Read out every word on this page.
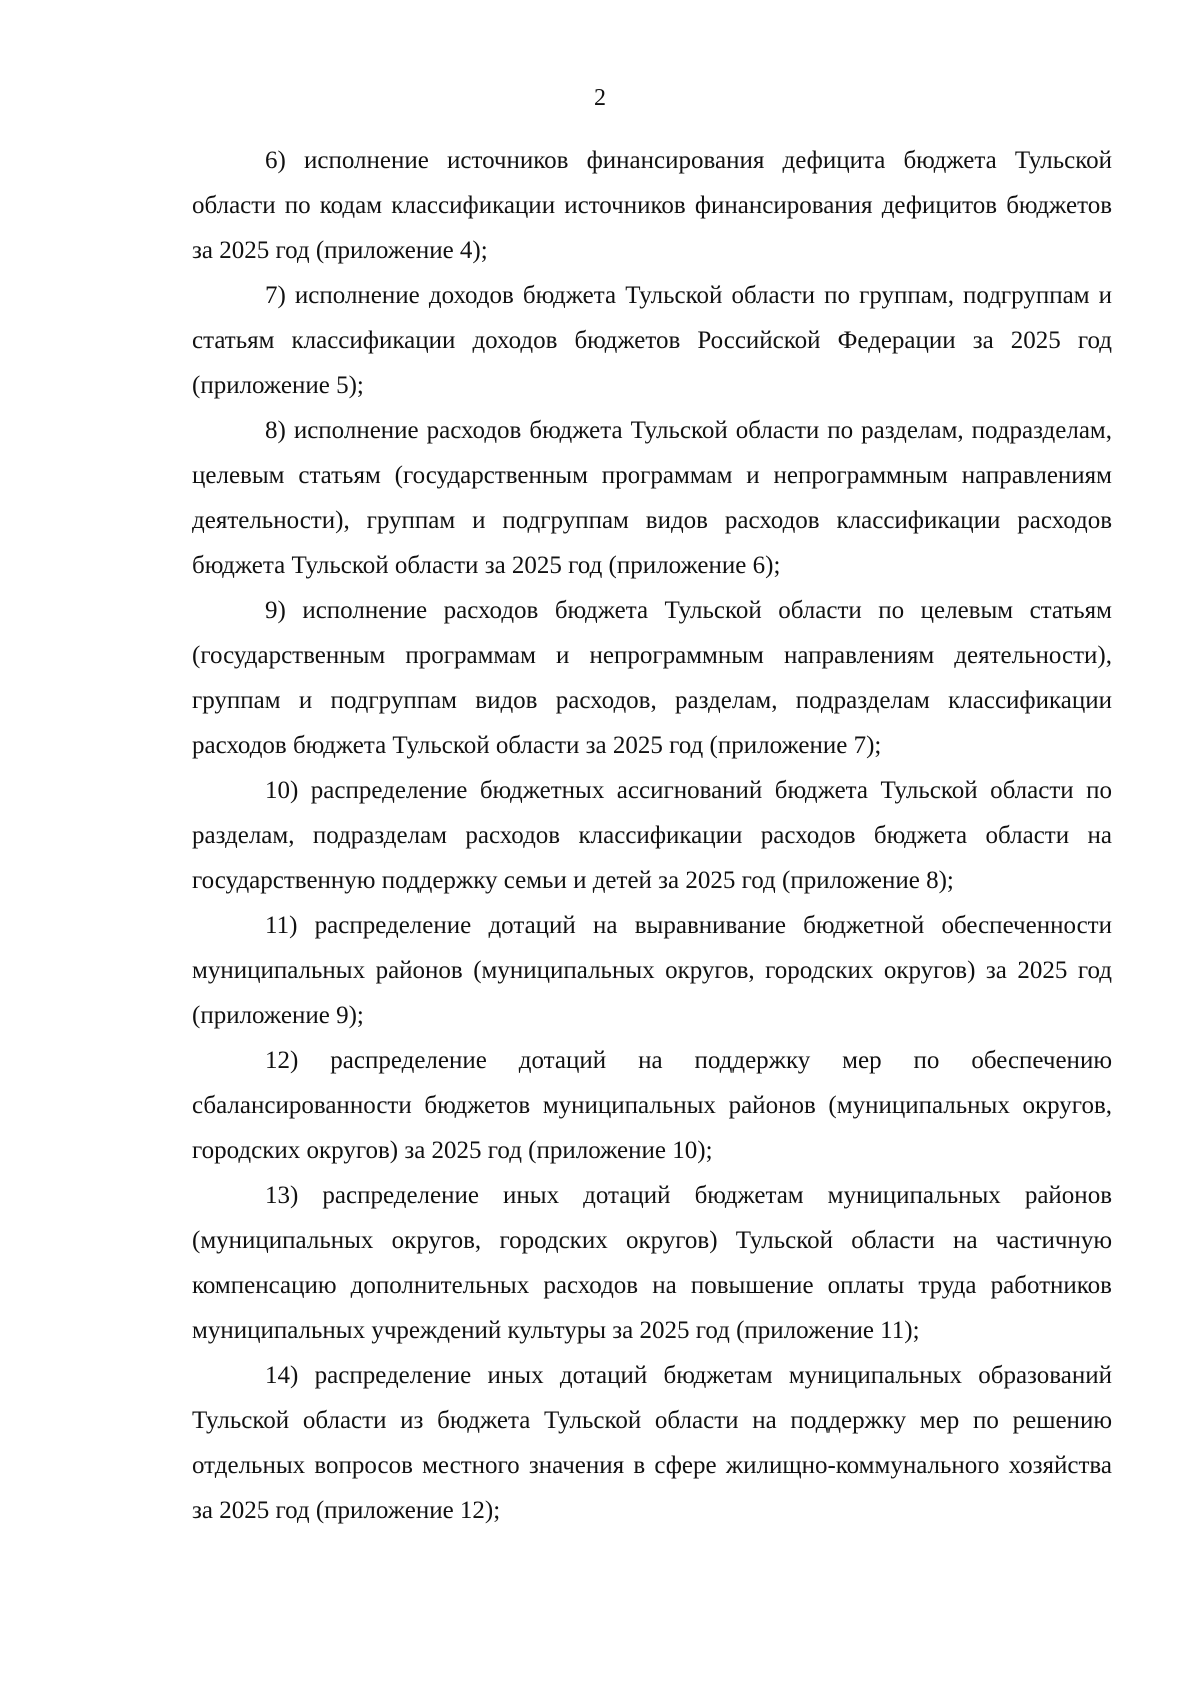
2

6) исполнение источников финансирования дефицита бюджета Тульской области по кодам классификации источников финансирования дефицитов бюджетов за 2025 год (приложение 4);

7) исполнение доходов бюджета Тульской области по группам, подгруппам и статьям классификации доходов бюджетов Российской Федерации за 2025 год (приложение 5);

8) исполнение расходов бюджета Тульской области по разделам, подразделам, целевым статьям (государственным программам и непрограммным направлениям деятельности), группам и подгруппам видов расходов классификации расходов бюджета Тульской области за 2025 год (приложение 6);

9) исполнение расходов бюджета Тульской области по целевым статьям (государственным программам и непрограммным направлениям деятельности), группам и подгруппам видов расходов, разделам, подразделам классификации расходов бюджета Тульской области за 2025 год (приложение 7);

10) распределение бюджетных ассигнований бюджета Тульской области по разделам, подразделам расходов классификации расходов бюджета области на государственную поддержку семьи и детей за 2025 год (приложение 8);

11) распределение дотаций на выравнивание бюджетной обеспеченности муниципальных районов (муниципальных округов, городских округов) за 2025 год (приложение 9);

12) распределение дотаций на поддержку мер по обеспечению сбалансированности бюджетов муниципальных районов (муниципальных округов, городских округов) за 2025 год (приложение 10);

13) распределение иных дотаций бюджетам муниципальных районов (муниципальных округов, городских округов) Тульской области на частичную компенсацию дополнительных расходов на повышение оплаты труда работников муниципальных учреждений культуры за 2025 год (приложение 11);

14) распределение иных дотаций бюджетам муниципальных образований Тульской области из бюджета Тульской области на поддержку мер по решению отдельных вопросов местного значения в сфере жилищно-коммунального хозяйства за 2025 год (приложение 12);
